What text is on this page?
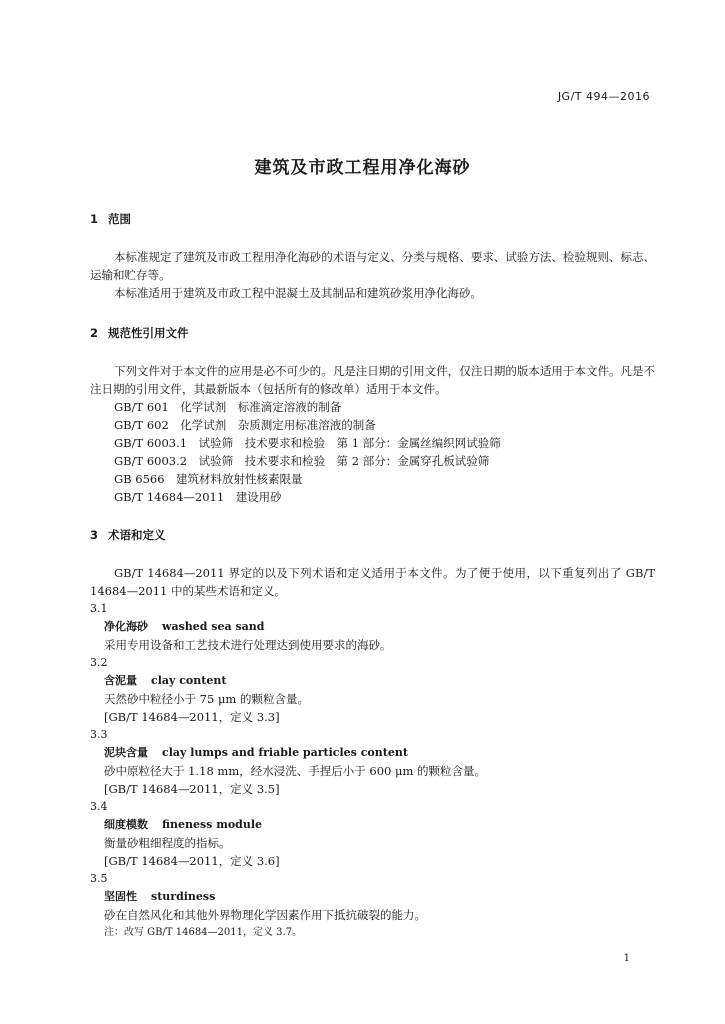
JG/T 494—2016
建筑及市政工程用净化海砂

1 范围

本标准规定了建筑及市政工程用净化海砂的术语与定义、分类与规格、要求、试验方法、检验规则、标志、运输和贮存等。

本标准适用于建筑及市政工程中混凝土及其制品和建筑砂浆用净化海砂。

2 规范性引用文件

下列文件对于本文件的应用是必不可少的。凡是注日期的引用文件，仅注日期的版本适用于本文件。凡是不注日期的引用文件，其最新版本（包括所有的修改单）适用于本文件。

GB/T 601　化学试剂　标准滴定溶液的制备

GB/T 602　化学试剂　杂质测定用标准溶液的制备

GB/T 6003.1　试验筛　技术要求和检验　第 1 部分：金属丝编织网试验筛

GB/T 6003.2　试验筛　技术要求和检验　第 2 部分：金属穿孔板试验筛

GB 6566　建筑材料放射性核素限量

GB/T 14684—2011　建设用砂

3 术语和定义

GB/T 14684—2011 界定的以及下列术语和定义适用于本文件。为了便于使用，以下重复列出了 GB/T 14684—2011 中的某些术语和定义。

3.1

净化海砂 washed sea sand

采用专用设备和工艺技术进行处理达到使用要求的海砂。

3.2

含泥量 clay content

天然砂中粒径小于 75 μm 的颗粒含量。

[GB/T 14684—2011，定义 3.3]

3.3

泥块含量 clay lumps and friable particles content

砂中原粒径大于 1.18 mm，经水浸洗、手捏后小于 600 μm 的颗粒含量。

[GB/T 14684—2011，定义 3.5]

3.4

细度模数 fineness module

衡量砂粗细程度的指标。

[GB/T 14684—2011，定义 3.6]

3.5

坚固性 sturdiness

砂在自然风化和其他外界物理化学因素作用下抵抗破裂的能力。

注：改写 GB/T 14684—2011，定义 3.7。

1
